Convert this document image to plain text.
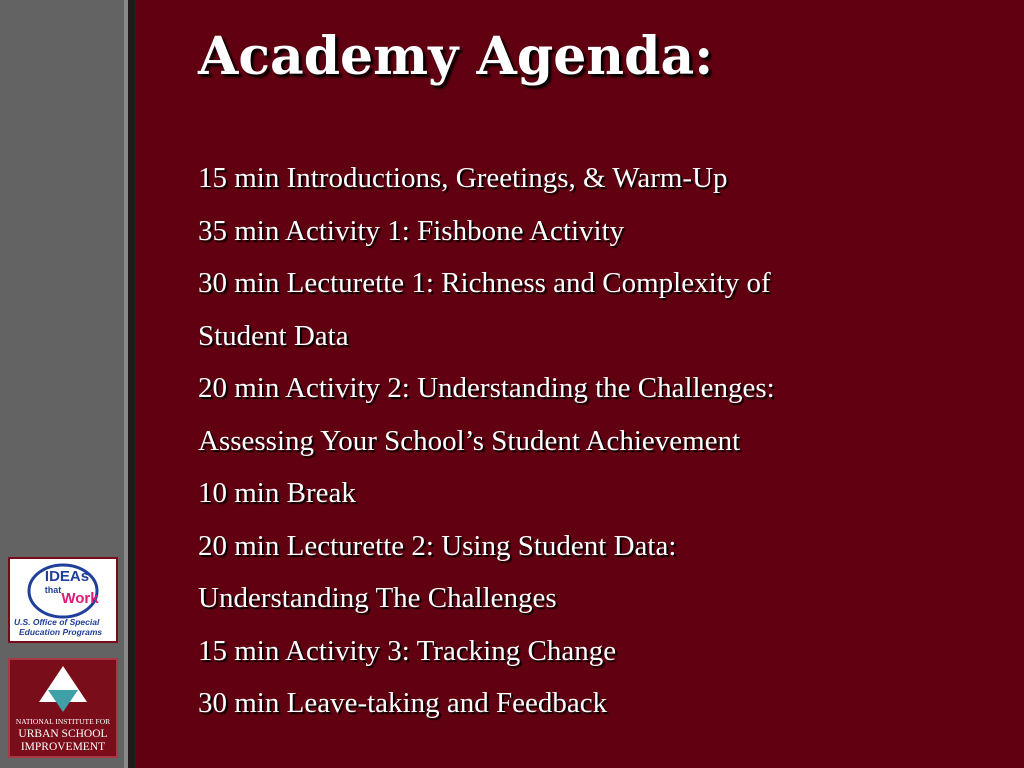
IDEAs
that Work
U.S. Office of Special
Education Programs
NATIONAL INSTITUTE FOR
URBAN SCHOOL
IMPROVEMENT
Academy Agenda:
15 min Introductions, Greetings, & Warm-Up
35 min Activity 1: Fishbone Activity
30 min Lecturette 1: Richness and Complexity of
Student Data
20 min Activity 2: Understanding the Challenges:
Assessing Your School’s Student Achievement
10 min Break
20 min Lecturette 2: Using Student Data:
Understanding The Challenges
15 min Activity 3: Tracking Change
30 min Leave-taking and Feedback
